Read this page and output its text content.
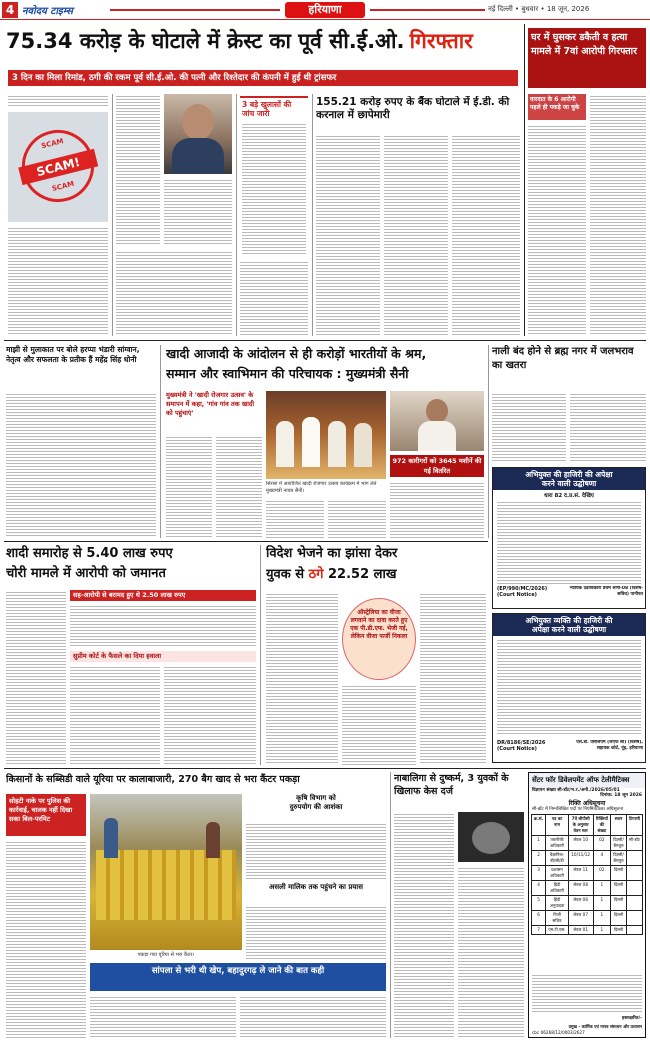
4 नवोदय टाइम्स	हरियाणा	नई दिल्ली • बुधवार • 18 जून, 2026
75.34 करोड़ के घोटाले में क्रेस्ट का पूर्व सी.ई.ओ. गिरफ्तार
3 दिन का मिला रिमांड, ठगी की रकम पूर्व सी.ई.ओ. की पत्नी और रिश्तेदार की कंपनी में हुई थी ट्रांसफर
SCAM
SCAM!
SCAM
3 बड़े खुलासों की जांच जारी
155.21 करोड़ रुपए के बैंक घोटाले में ई.डी. की करनाल में छापेमारी
घर में घुसकर डकैती व हत्या मामले में 7वां आरोपी गिरफ्तार
वारदात के 6 आरोपी पहले ही पकड़े जा चुके
माझी से मुलाकात पर बोले हरप्पा भंडारी सांग्वान, नेतृत्व और सफलता के प्रतीक हैं महेंद्र सिंह धोनी	खादी आजादी के आंदोलन से ही करोड़ों भारतीयों के श्रम,
सम्मान और स्वाभिमान की परिचायक : मुख्यमंत्री सैनी
मुख्यमंत्री ने 'खादी रोजगार उत्सव' के समापन में कहा, 'गांव गांव तक खादी को पहुंचाएं'
सिरसा में आयोजित खादी रोजगार उत्सव कार्यक्रम में भाग लेते मुख्यमंत्री नायब सैनी।
972 कारीगरों को 3645 मशीनें की गई वितरित
नाली बंद होने से ब्रह्म नगर में जलभराव का खतरा
अभियुक्त की हाजिरी की अपेक्षा
करने वाली उद्घोषणा
धारा 82 द.प्र.सं. देखिए
(EP/990/MC/2026)
(Court Notice)
न्यायिक दंडाधिकारी प्रथम श्रेणी-08 (विशेष-सचिव) पानीपत
शादी समारोह से 5.40 लाख रुपए
चोरी मामले में आरोपी को जमानत
सह-आरोपी से बरामद हुए थे 2.50 लाख रुपए
सुप्रीम कोर्ट के फैसले का दिया हवाला
विदेश भेजने का झांसा देकर
युवक से ठगे 22.52 लाख
ऑस्ट्रेलिया का वीजा लगवाने का दावा करते हुए एक पी.डी.एफ. भेजी गई, लेकिन वीजा फर्जी निकला
अभियुक्त व्यक्ति की हाजिरी की
अपेक्षा करने वाली उद्घोषणा
DR/8186/SE/2026
(Court Notice)
एल.डी. एसीजेएम (जेएफ सी) (विशेष), सहायक कोर्ट, नूंह, हरियाणा
किसानों के सब्सिडी वाले यूरिया पर कालाबाजारी, 270 बैग खाद से भरा कैंटर पकड़ा
सोहटी नाके पर पुलिस की कार्रवाई, चालक नहीं दिखा सका बिल-परमिट
पकड़ा गया यूरिया से भरा कैंटर।
सांपला से भरी थी खेप, बहादुरगढ़ ले जाने की बात कही
कृषि विभाग को
दुरुपयोग की आशंका
असली मालिक तक पहुंचने का प्रयास
नाबालिगा से दुष्कर्म, 3 युवकों के खिलाफ केस दर्ज
सेंटर फॉर डिवेलपमेंट ऑफ टेलीमैटिक्स
विज्ञापन संख्या सी-डॉट/भ.र./अनौ./2026/05/01
दिनांक: 18 जून 2026
रिक्ति अधिसूचना
सी-डॉट में निम्नलिखित पदों पर नियमित/ठेका अधिसूचना
क्र.सं.	पद का नाम	7वें सीपीसी के अनुसार वेतन स्तर	रिक्तियों की संख्या	स्थान	टिप्पणी
1	तकनीकी अधिकारी	लेवल 10	02	दिल्ली/बेंगलुरु	सी-डॉट
2	वैज्ञानिक-बी/सी/डी	10/11/12	4	दिल्ली/बेंगलुरु	
3	प्रशासन अधिकारी	लेवल 11	02	दिल्ली	
4	हिंदी अधिकारी	लेवल 08	1	दिल्ली	
5	हिंदी अनुवादक	लेवल 06	1	दिल्ली	
6	निजी सचिव	लेवल 07	1	दिल्ली	
7	एम.टी.एस.	लेवल 01	1	दिल्ली	
हस्ताक्षरित/-
प्रमुख - कार्मिक एवं मानव संसाधन और प्रशासन
cbc 06268/12/0003/2627
